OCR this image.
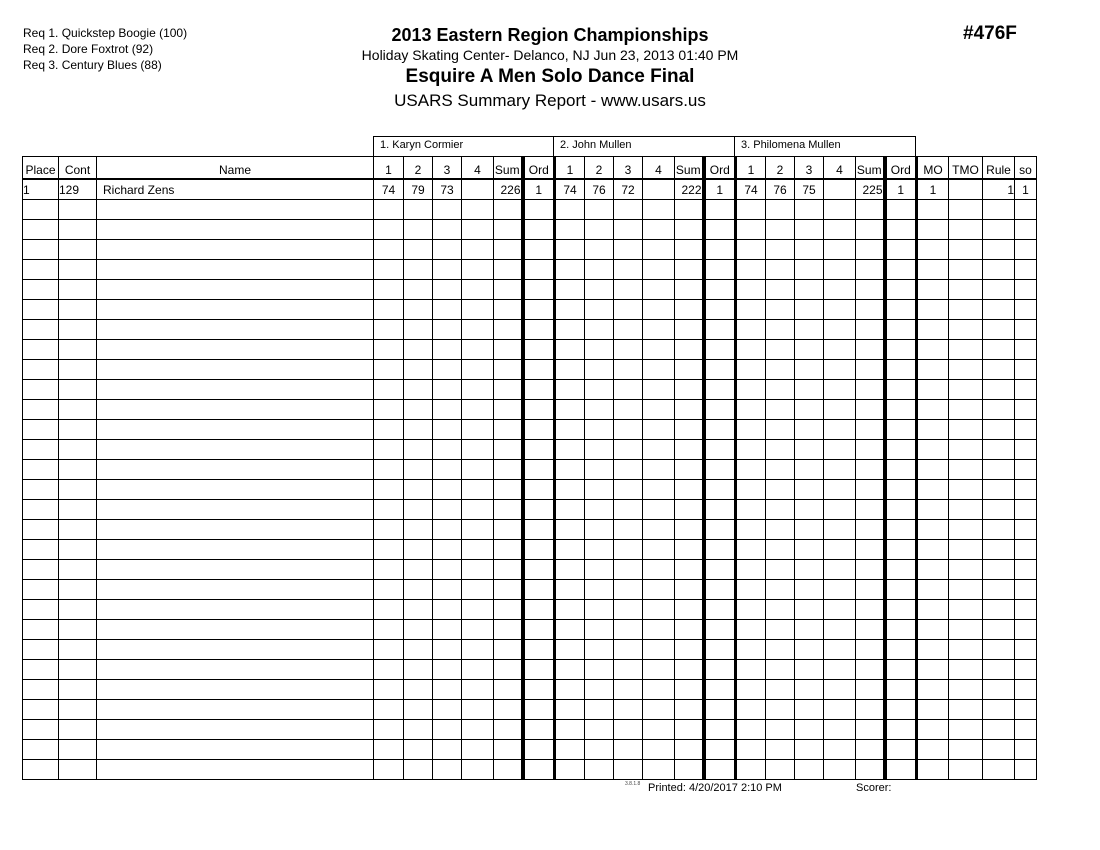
Req 1. Quickstep Boogie (100)
Req 2. Dore Foxtrot (92)
Req 3. Century Blues (88)
2013 Eastern Region Championships
Holiday Skating Center- Delanco, NJ Jun 23, 2013 01:40 PM
Esquire A Men Solo Dance Final
USARS Summary Report - www.usars.us
#476F
1. Karyn Cormier	2. John Mullen	3. Philomena Mullen
Place	Cont	Name	1	2	3	4	Sum	Ord	1	2	3	4	Sum	Ord	1	2	3	4	Sum	Ord	MO	TMO	Rule	so
1	129	Richard Zens	74	79	73		226	1	74	76	72		222	1	74	76	75		225	1	1		1	1

3.8.1.8 Printed: 4/20/2017 2:10 PM	Scorer:
